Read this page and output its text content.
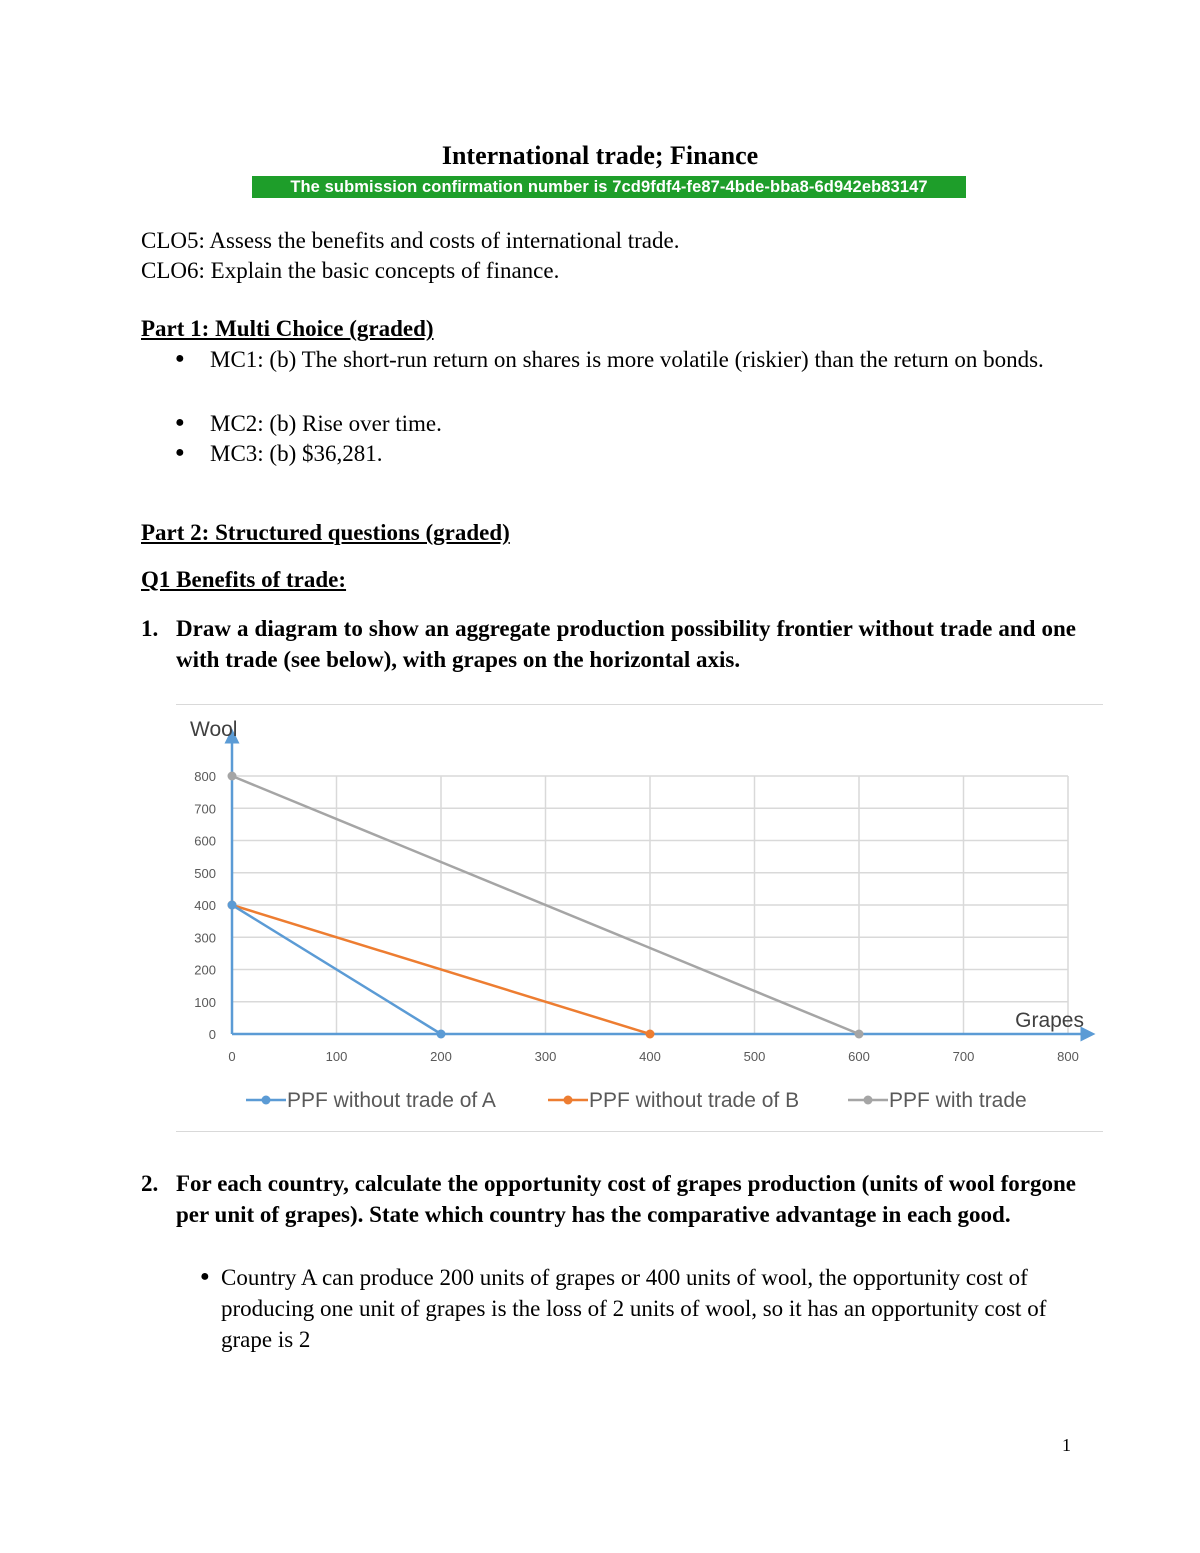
International trade; Finance
The submission confirmation number is 7cd9fdf4-fe87-4bde-bba8-6d942eb83147

CLO5: Assess the benefits and costs of international trade.

CLO6: Explain the basic concepts of finance.

Part 1: Multi Choice (graded)

● MC1: (b) The short-run return on shares is more volatile (riskier) than the return on bonds.

● MC2: (b) Rise over time.

● MC3: (b) $36,281.

Part 2: Structured questions (graded)

Q1 Benefits of trade:

1. Draw a diagram to show an aggregate production possibility frontier without trade and one with trade (see below), with grapes on the horizontal axis.

0
100
200
300
400
500
600
700
800
0	100	200	300	400	500	600	700	800
Wool
Grapes
PPF without trade of A	PPF without trade of B	PPF with trade
2. For each country, calculate the opportunity cost of grapes production (units of wool forgone per unit of grapes). State which country has the comparative advantage in each good.

● Country A can produce 200 units of grapes or 400 units of wool, the opportunity cost of producing one unit of grapes is the loss of 2 units of wool, so it has an opportunity cost of grape is 2

1
